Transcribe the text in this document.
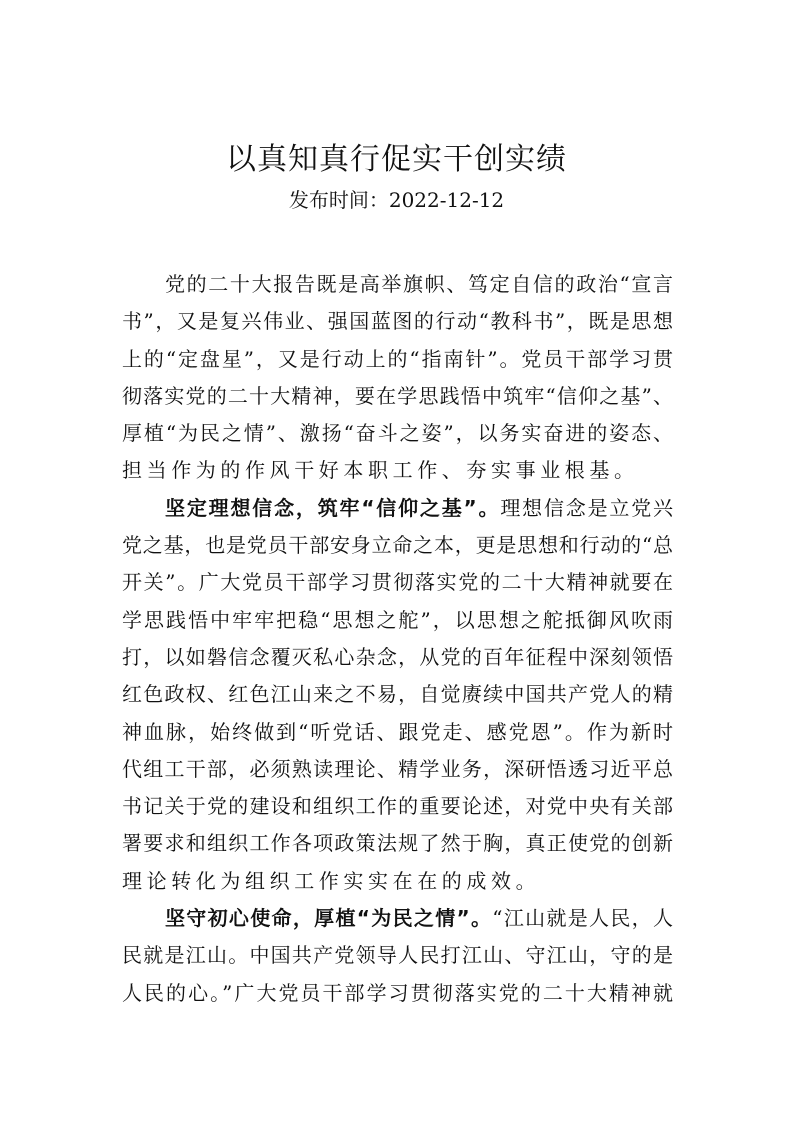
以真知真行促实干创实绩
发布时间：2022-12-12
党的二十大报告既是高举旗帜、笃定自信的政治“宣言
书”，又是复兴伟业、强国蓝图的行动“教科书”，既是思想
上的“定盘星”，又是行动上的“指南针”。党员干部学习贯
彻落实党的二十大精神，要在学思践悟中筑牢“信仰之基”、
厚植“为民之情”、激扬“奋斗之姿”，以务实奋进的姿态、
担当作为的作风干好本职工作、夯实事业根基。
坚定理想信念，筑牢“信仰之基”。理想信念是立党兴
党之基，也是党员干部安身立命之本，更是思想和行动的“总
开关”。广大党员干部学习贯彻落实党的二十大精神就要在
学思践悟中牢牢把稳“思想之舵”，以思想之舵抵御风吹雨
打，以如磐信念覆灭私心杂念，从党的百年征程中深刻领悟
红色政权、红色江山来之不易，自觉赓续中国共产党人的精
神血脉，始终做到“听党话、跟党走、感党恩”。作为新时
代组工干部，必须熟读理论、精学业务，深研悟透习近平总
书记关于党的建设和组织工作的重要论述，对党中央有关部
署要求和组织工作各项政策法规了然于胸，真正使党的创新
理论转化为组织工作实实在在的成效。
坚守初心使命，厚植“为民之情”。“江山就是人民，人
民就是江山。中国共产党领导人民打江山、守江山，守的是
人民的心。”广大党员干部学习贯彻落实党的二十大精神就
